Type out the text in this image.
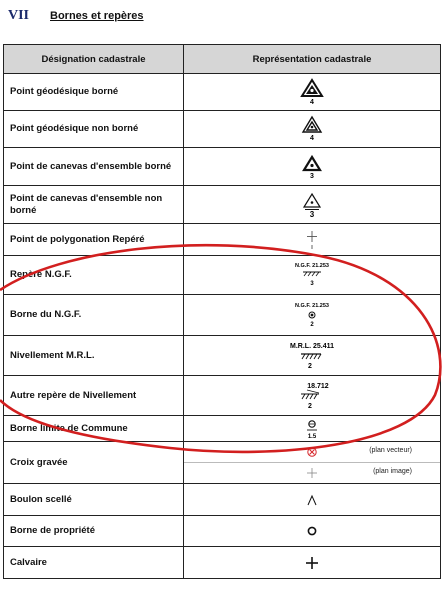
VII Bornes et repères
Désignation cadastrale	Représentation cadastrale
Point géodésique borné	4

Point géodésique non borné	4

Point de canevas d'ensemble borné	3

Point de canevas d'ensemble non borné	3

Point de polygonation Repéré	

Repère N.G.F.	N.G.F. 21.253
3

Borne du N.G.F.	N.G.F. 21.253
2

Nivellement M.R.L.	M.R.L. 25.411
2

Autre repère de Nivellement	18.712
2

Borne limite de Commune	1.5

Croix gravée	(plan vecteur)
(plan image)

Boulon scellé	

Borne de propriété	

Calvaire	
